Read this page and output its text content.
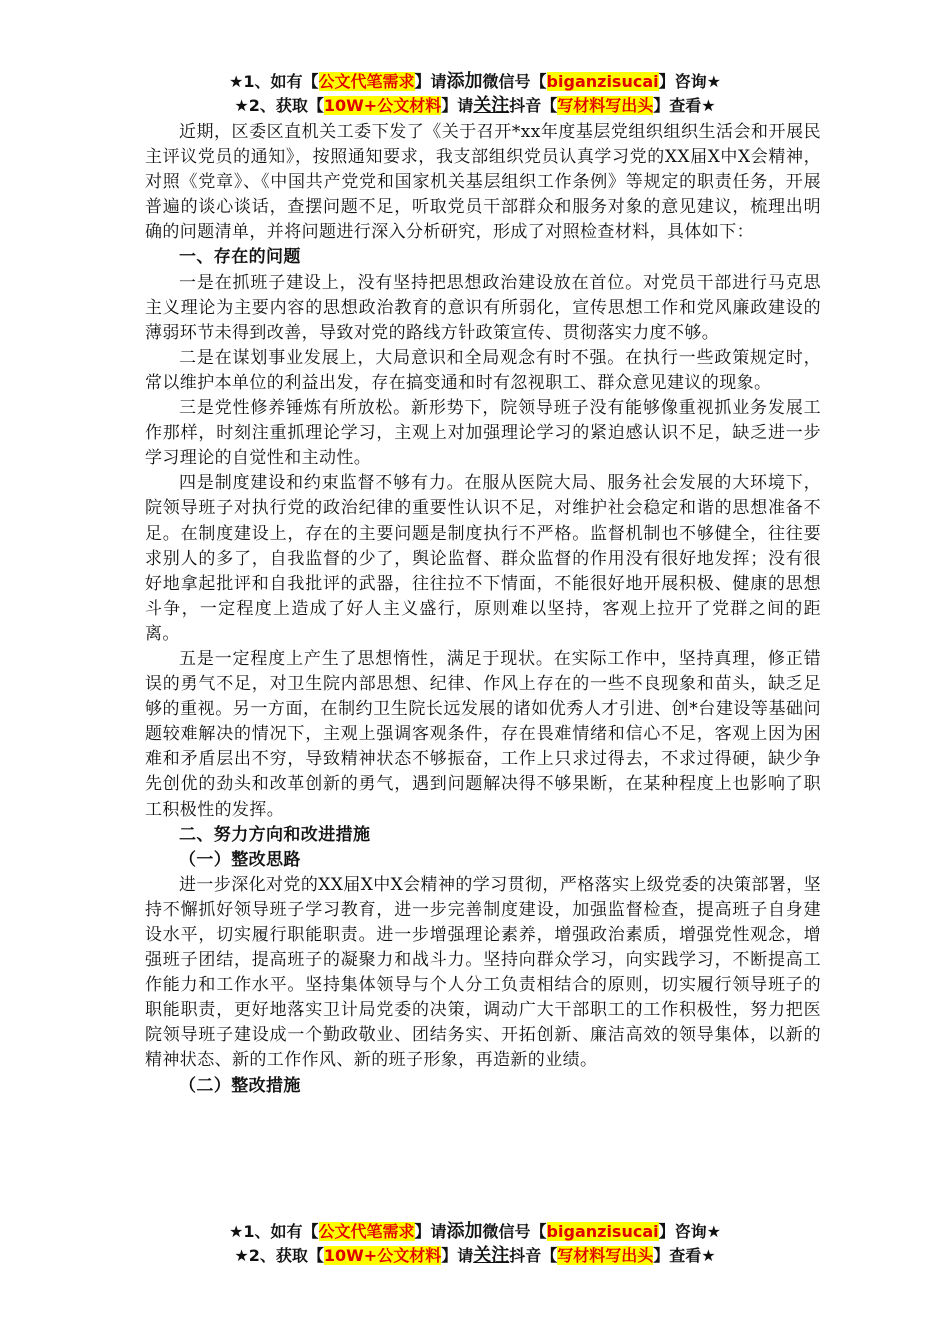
★1、如有【公文代笔需求】请添加微信号【biganzisucai】咨询★
★2、获取【10W+公文材料】请关注抖音【写材料写出头】查看★

近期，区委区直机关工委下发了《关于召开*xx年度基层党组织组织生活会和开展民主评议党员的通知》，按照通知要求，我支部组织党员认真学习党的XX届X中X会精神，对照《党章》、《中国共产党党和国家机关基层组织工作条例》等规定的职责任务，开展普遍的谈心谈话，查摆问题不足，听取党员干部群众和服务对象的意见建议，梳理出明确的问题清单，并将问题进行深入分析研究，形成了对照检查材料，具体如下：

一、存在的问题

一是在抓班子建设上，没有坚持把思想政治建设放在首位。对党员干部进行马克思主义理论为主要内容的思想政治教育的意识有所弱化，宣传思想工作和党风廉政建设的薄弱环节未得到改善，导致对党的路线方针政策宣传、贯彻落实力度不够。

二是在谋划事业发展上，大局意识和全局观念有时不强。在执行一些政策规定时，常以维护本单位的利益出发，存在搞变通和时有忽视职工、群众意见建议的现象。

三是党性修养锤炼有所放松。新形势下，院领导班子没有能够像重视抓业务发展工作那样，时刻注重抓理论学习，主观上对加强理论学习的紧迫感认识不足，缺乏进一步学习理论的自觉性和主动性。

四是制度建设和约束监督不够有力。在服从医院大局、服务社会发展的大环境下，院领导班子对执行党的政治纪律的重要性认识不足，对维护社会稳定和谐的思想准备不足。在制度建设上，存在的主要问题是制度执行不严格。监督机制也不够健全，往往要求别人的多了，自我监督的少了，舆论监督、群众监督的作用没有很好地发挥；没有很好地拿起批评和自我批评的武器，往往拉不下情面，不能很好地开展积极、健康的思想斗争，一定程度上造成了好人主义盛行，原则难以坚持，客观上拉开了党群之间的距离。

五是一定程度上产生了思想惰性，满足于现状。在实际工作中，坚持真理，修正错误的勇气不足，对卫生院内部思想、纪律、作风上存在的一些不良现象和苗头，缺乏足够的重视。另一方面，在制约卫生院长远发展的诸如优秀人才引进、创*台建设等基础问题较难解决的情况下，主观上强调客观条件，存在畏难情绪和信心不足，客观上因为困难和矛盾层出不穷，导致精神状态不够振奋，工作上只求过得去，不求过得硬，缺少争先创优的劲头和改革创新的勇气，遇到问题解决得不够果断，在某种程度上也影响了职工积极性的发挥。

二、努力方向和改进措施
（一）整改思路

进一步深化对党的XX届X中X会精神的学习贯彻，严格落实上级党委的决策部署，坚持不懈抓好领导班子学习教育，进一步完善制度建设，加强监督检查，提高班子自身建设水平，切实履行职能职责。进一步增强理论素养，增强政治素质，增强党性观念，增强班子团结，提高班子的凝聚力和战斗力。坚持向群众学习，向实践学习，不断提高工作能力和工作水平。坚持集体领导与个人分工负责相结合的原则，切实履行领导班子的职能职责，更好地落实卫计局党委的决策，调动广大干部职工的工作积极性，努力把医院领导班子建设成一个勤政敬业、团结务实、开拓创新、廉洁高效的领导集体，以新的精神状态、新的工作作风、新的班子形象，再造新的业绩。

（二）整改措施
★1、如有【公文代笔需求】请添加微信号【biganzisucai】咨询★
★2、获取【10W+公文材料】请关注抖音【写材料写出头】查看★
